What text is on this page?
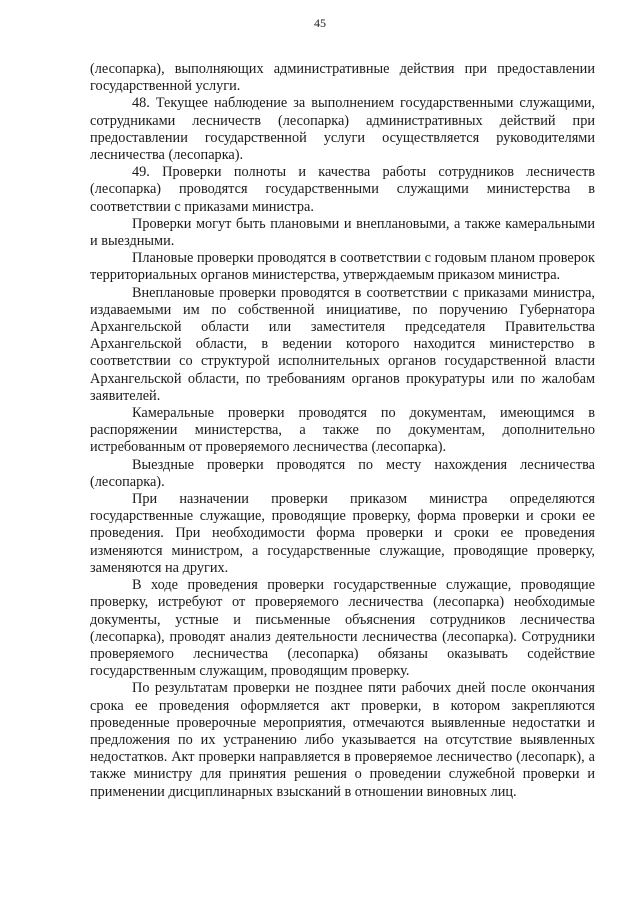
45

(лесопарка), выполняющих административные действия при предоставлении государственной услуги.

48. Текущее наблюдение за выполнением государственными служащими, сотрудниками лесничеств (лесопарка) административных действий при предоставлении государственной услуги осуществляется руководителями лесничества (лесопарка).

49. Проверки полноты и качества работы сотрудников лесничеств (лесопарка) проводятся государственными служащими министерства в соответствии с приказами министра.

Проверки могут быть плановыми и внеплановыми, а также камеральными и выездными.

Плановые проверки проводятся в соответствии с годовым планом проверок территориальных органов министерства, утверждаемым приказом министра.

Внеплановые проверки проводятся в соответствии с приказами министра, издаваемыми им по собственной инициативе, по поручению Губернатора Архангельской области или заместителя председателя Правительства Архангельской области, в ведении которого находится министерство в соответствии со структурой исполнительных органов государственной власти Архангельской области, по требованиям органов прокуратуры или по жалобам заявителей.

Камеральные проверки проводятся по документам, имеющимся в распоряжении министерства, а также по документам, дополнительно истребованным от проверяемого лесничества (лесопарка).

Выездные проверки проводятся по месту нахождения лесничества (лесопарка).

При назначении проверки приказом министра определяются государственные служащие, проводящие проверку, форма проверки и сроки ее проведения. При необходимости форма проверки и сроки ее проведения изменяются министром, а государственные служащие, проводящие проверку, заменяются на других.

В ходе проведения проверки государственные служащие, проводящие проверку, истребуют от проверяемого лесничества (лесопарка) необходимые документы, устные и письменные объяснения сотрудников лесничества (лесопарка), проводят анализ деятельности лесничества (лесопарка). Сотрудники проверяемого лесничества (лесопарка) обязаны оказывать содействие государственным служащим, проводящим проверку.

По результатам проверки не позднее пяти рабочих дней после окончания срока ее проведения оформляется акт проверки, в котором закрепляются проведенные проверочные мероприятия, отмечаются выявленные недостатки и предложения по их устранению либо указывается на отсутствие выявленных недостатков. Акт проверки направляется в проверяемое лесничество (лесопарк), а также министру для принятия решения о проведении служебной проверки и применении дисциплинарных взысканий в отношении виновных лиц.
